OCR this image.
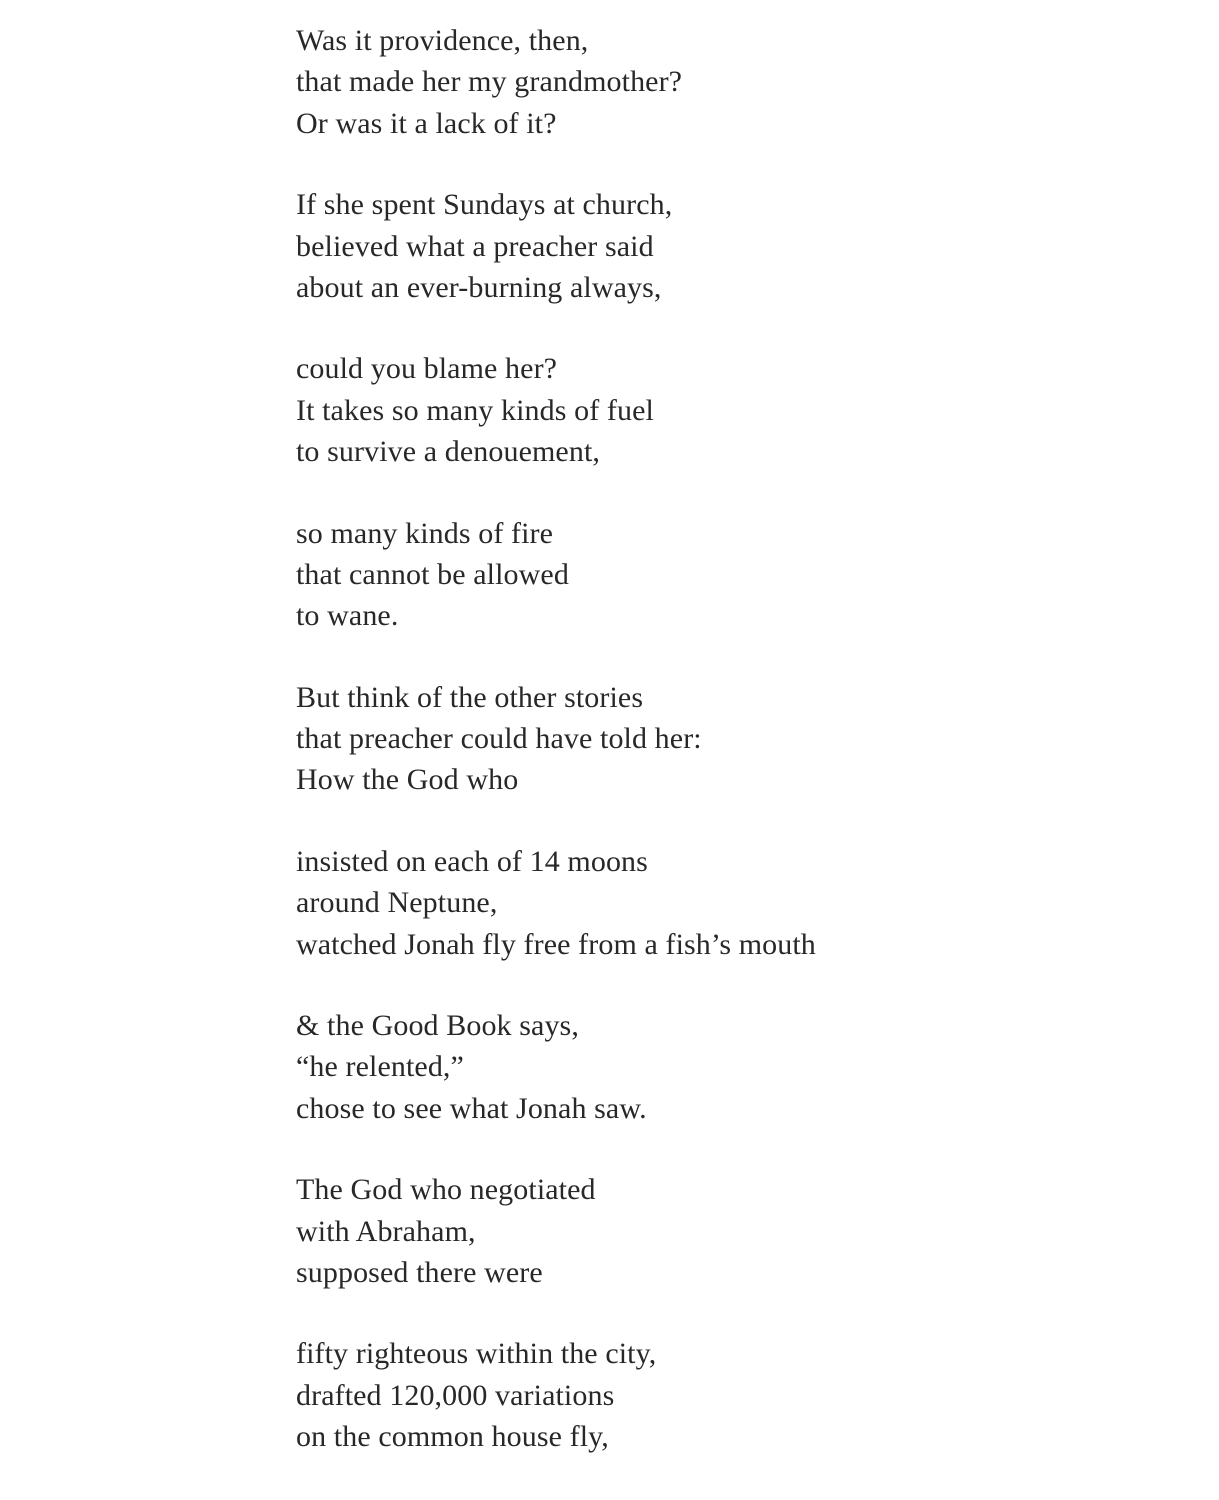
Was it providence, then,
that made her my grandmother?
Or was it a lack of it?
If she spent Sundays at church,
believed what a preacher said
about an ever-burning always,
could you blame her?
It takes so many kinds of fuel
to survive a denouement,
so many kinds of fire
that cannot be allowed
to wane.
But think of the other stories
that preacher could have told her:
How the God who
insisted on each of 14 moons
around Neptune,
watched Jonah fly free from a fish’s mouth
& the Good Book says,
“he relented,”
chose to see what Jonah saw.
The God who negotiated
with Abraham,
supposed there were
fifty righteous within the city,
drafted 120,000 variations
on the common house fly,
